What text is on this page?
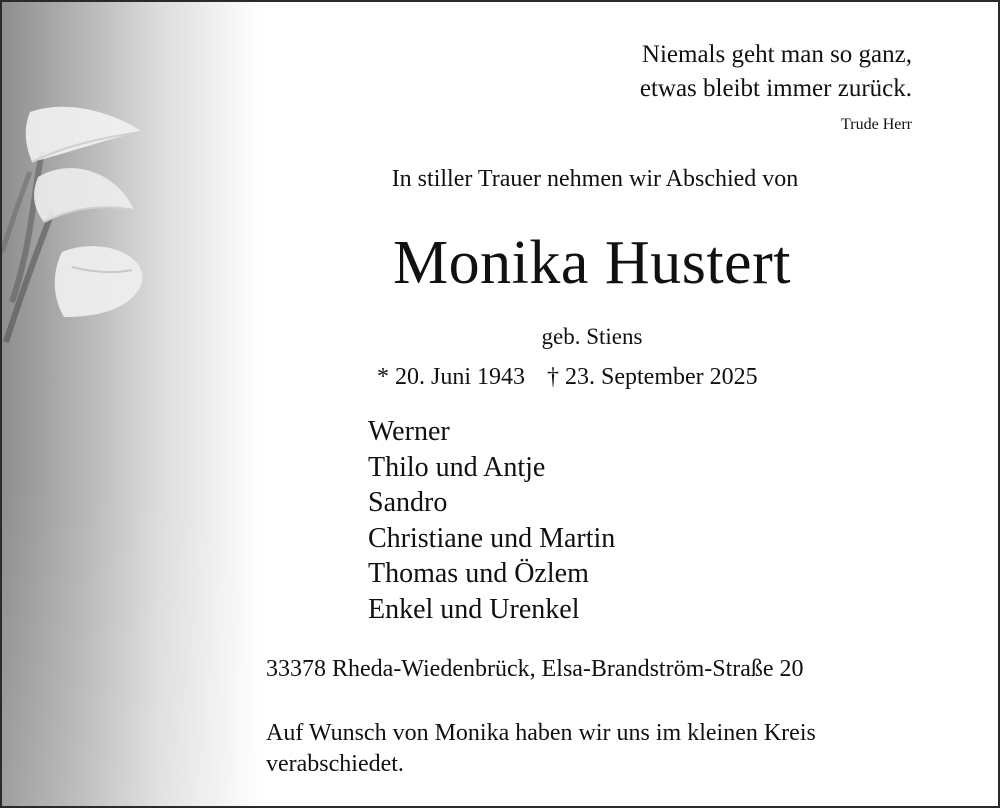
Niemals geht man so ganz,
etwas bleibt immer zurück.
Trude Herr
In stiller Trauer nehmen wir Abschied von
Monika Hustert
geb. Stiens
* 20. Juni 1943 † 23. September 2025
Werner
Thilo und Antje
Sandro
Christiane und Martin
Thomas und Özlem
Enkel und Urenkel
33378 Rheda-Wiedenbrück, Elsa-Brandström-Straße 20
Auf Wunsch von Monika haben wir uns im kleinen Kreis verabschiedet.
